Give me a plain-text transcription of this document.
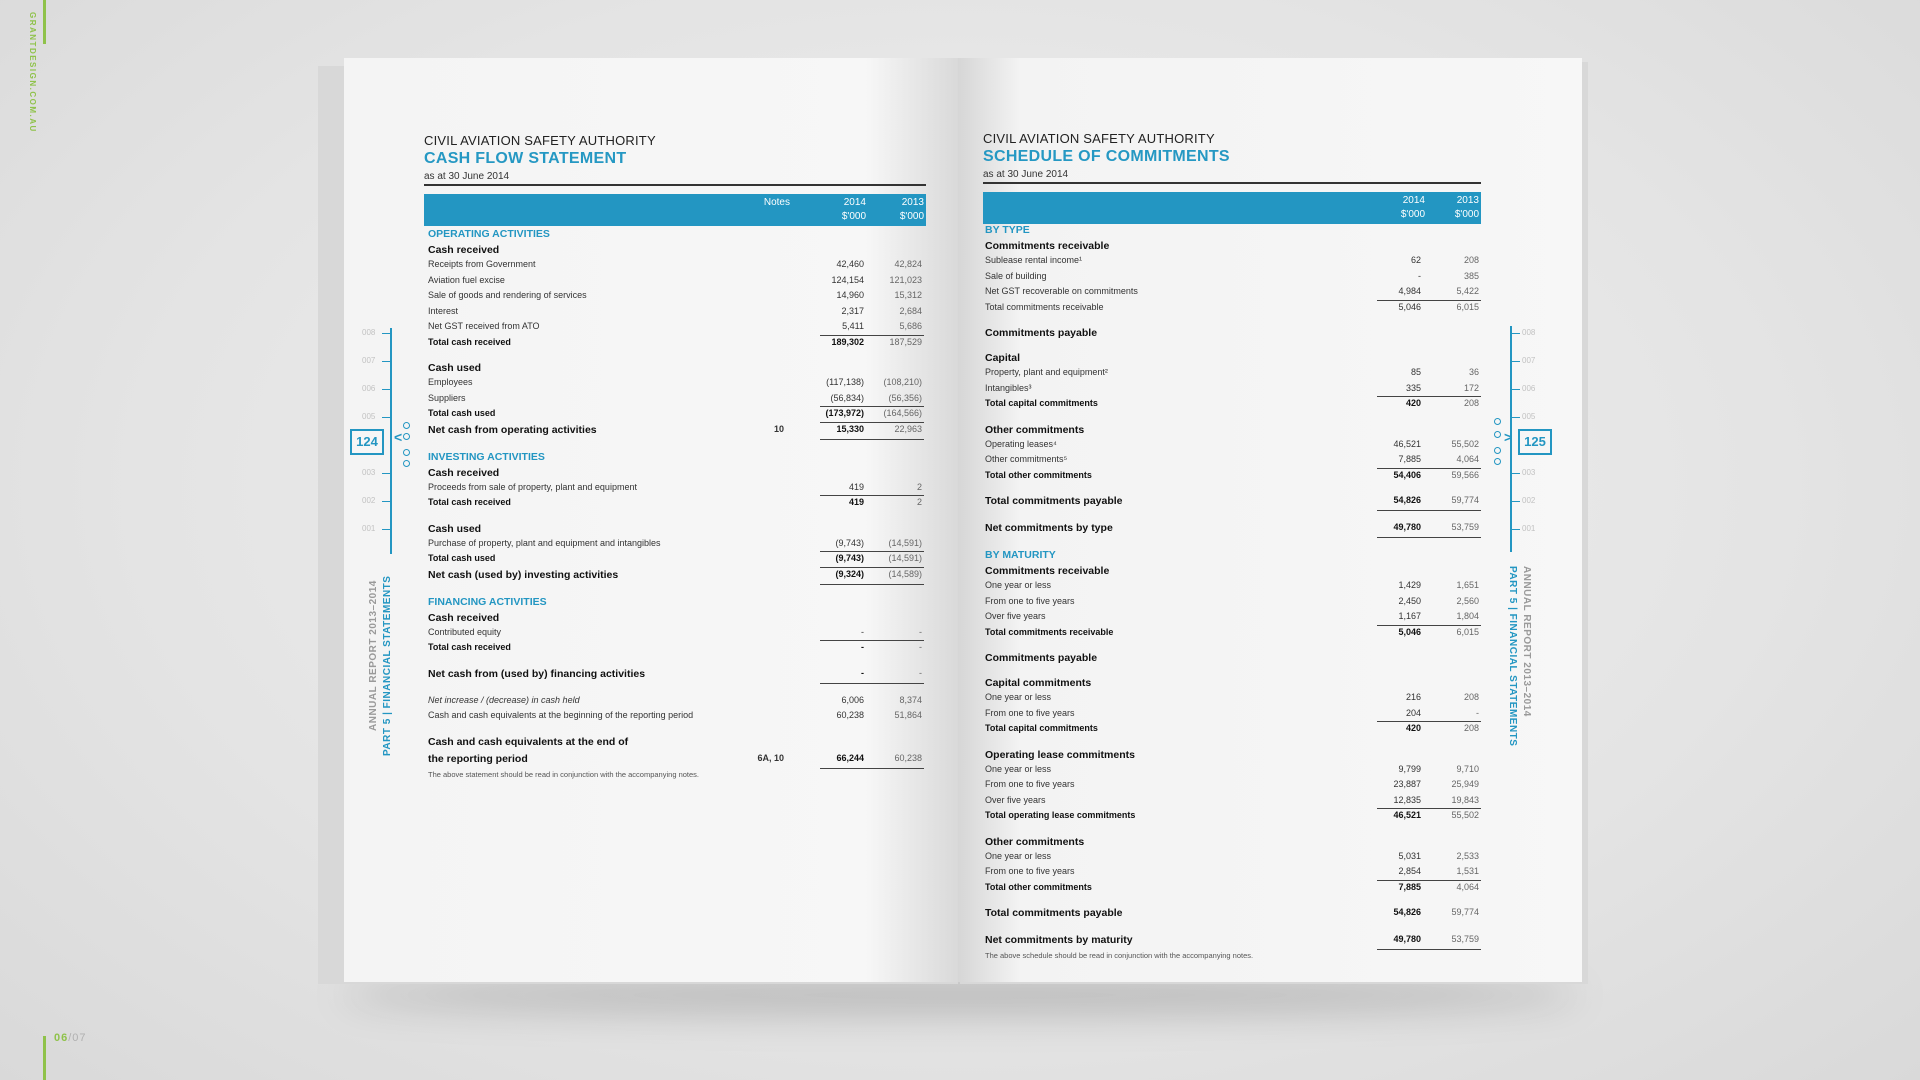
GRANTDESIGN.COM.AU
06/07
CIVIL AVIATION SAFETY AUTHORITY
CASH FLOW STATEMENT
as at 30 June 2014
Notes	2014
$'000
2013
$'000
OPERATING ACTIVITIES
Cash received
Receipts from Government	42,460	42,824
Aviation fuel excise	124,154	121,023
Sale of goods and rendering of services	14,960	15,312
Interest	2,317	2,684
Net GST received from ATO	5,411	5,686
Total cash received	189,302	187,529
Cash used
Employees	(117,138)	(108,210)
Suppliers	(56,834)	(56,356)
Total cash used	(173,972)	(164,566)
Net cash from operating activities	10	15,330	22,963
INVESTING ACTIVITIES
Cash received
Proceeds from sale of property, plant and equipment	419	2
Total cash received	419	2
Cash used
Purchase of property, plant and equipment and intangibles	(9,743)	(14,591)
Total cash used	(9,743)	(14,591)
Net cash (used by) investing activities	(9,324)	(14,589)
FINANCING ACTIVITIES
Cash received
Contributed equity	-	-
Total cash received	-	-
Net cash from (used by) financing activities	-	-
Net increase / (decrease) in cash held	6,006	8,374
Cash and cash equivalents at the beginning of the reporting period	60,238	51,864
Cash and cash equivalents at the end of
the reporting period	6A, 10	66,244	60,238
The above statement should be read in conjunction with the accompanying notes.
CIVIL AVIATION SAFETY AUTHORITY
SCHEDULE OF COMMITMENTS
as at 30 June 2014
2014
$'000
2013
$'000
BY TYPE
Commitments receivable
Sublease rental income¹	62	208
Sale of building	-	385
Net GST recoverable on commitments	4,984	5,422
Total commitments receivable	5,046	6,015
Commitments payable
Capital
Property, plant and equipment²	85	36
Intangibles³	335	172
Total capital commitments	420	208
Other commitments
Operating leases⁴	46,521	55,502
Other commitments⁵	7,885	4,064
Total other commitments	54,406	59,566
Total commitments payable	54,826	59,774
Net commitments by type	49,780	53,759
BY MATURITY
Commitments receivable
One year or less	1,429	1,651
From one to five years	2,450	2,560
Over five years	1,167	1,804
Total commitments receivable	5,046	6,015
Commitments payable
Capital commitments
One year or less	216	208
From one to five years	204	-
Total capital commitments	420	208
Operating lease commitments
One year or less	9,799	9,710
From one to five years	23,887	25,949
Over five years	12,835	19,843
Total operating lease commitments	46,521	55,502
Other commitments
One year or less	5,031	2,533
From one to five years	2,854	1,531
Total other commitments	7,885	4,064
Total commitments payable	54,826	59,774
Net commitments by maturity	49,780	53,759
The above schedule should be read in conjunction with the accompanying notes.
008
007
006
005
003
002
001
124	<
ANNUAL REPORT 2013–2014 PART 5 | FINANCIAL STATEMENTS
008
007
006
005
003
002
001
125
>
ANNUAL REPORT 2013–2014
PART 5 | FINANCIAL STATEMENTS
